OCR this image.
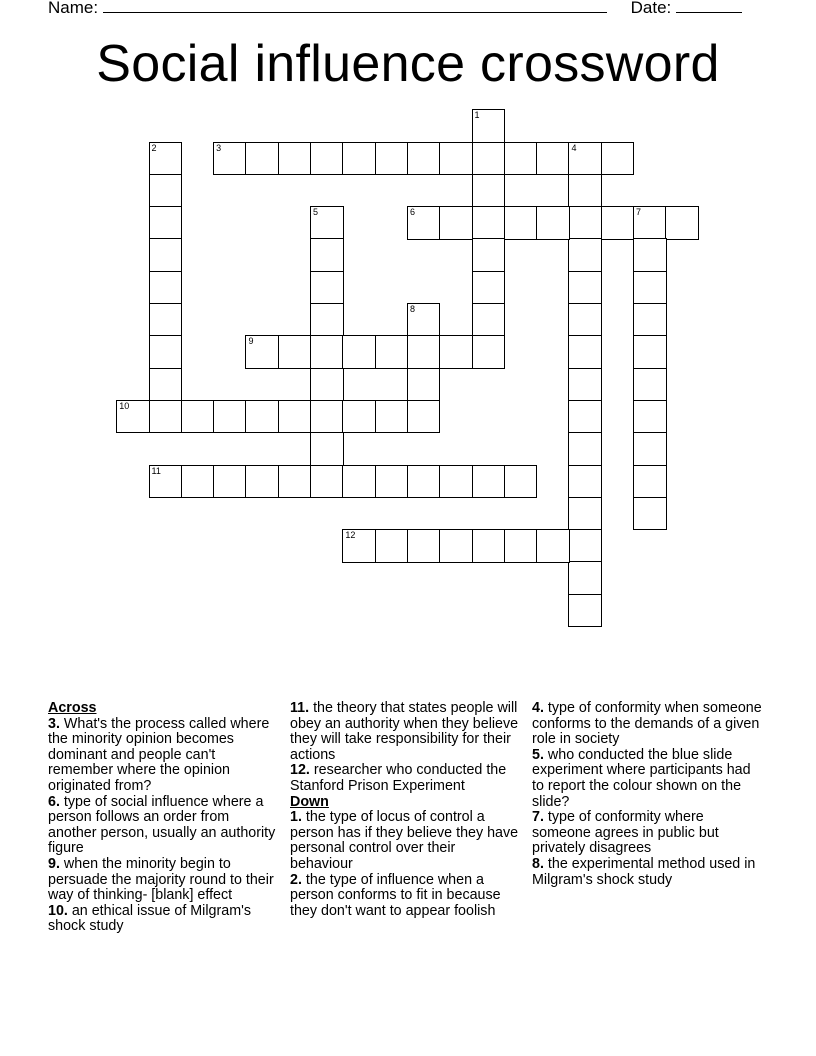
Name:	Date:
Social influence crossword
1
2	3	4
5	6	7
8
9
10
11
12

Across

3. What's the process called where the minority opinion becomes dominant and people can't remember where the opinion originated from?

6. type of social influence where a person follows an order from another person, usually an authority figure

9. when the minority begin to persuade the majority round to their way of thinking- [blank] effect

10. an ethical issue of Milgram's shock study

11. the theory that states people will obey an authority when they believe they will take responsibility for their actions

12. researcher who conducted the Stanford Prison Experiment

Down

1. the type of locus of control a person has if they believe they have personal control over their behaviour

2. the type of influence when a person conforms to fit in because they don't want to appear foolish

4. type of conformity when someone conforms to the demands of a given role in society

5. who conducted the blue slide experiment where participants had to report the colour shown on the slide?

7. type of conformity where someone agrees in public but privately disagrees

8. the experimental method used in Milgram's shock study
